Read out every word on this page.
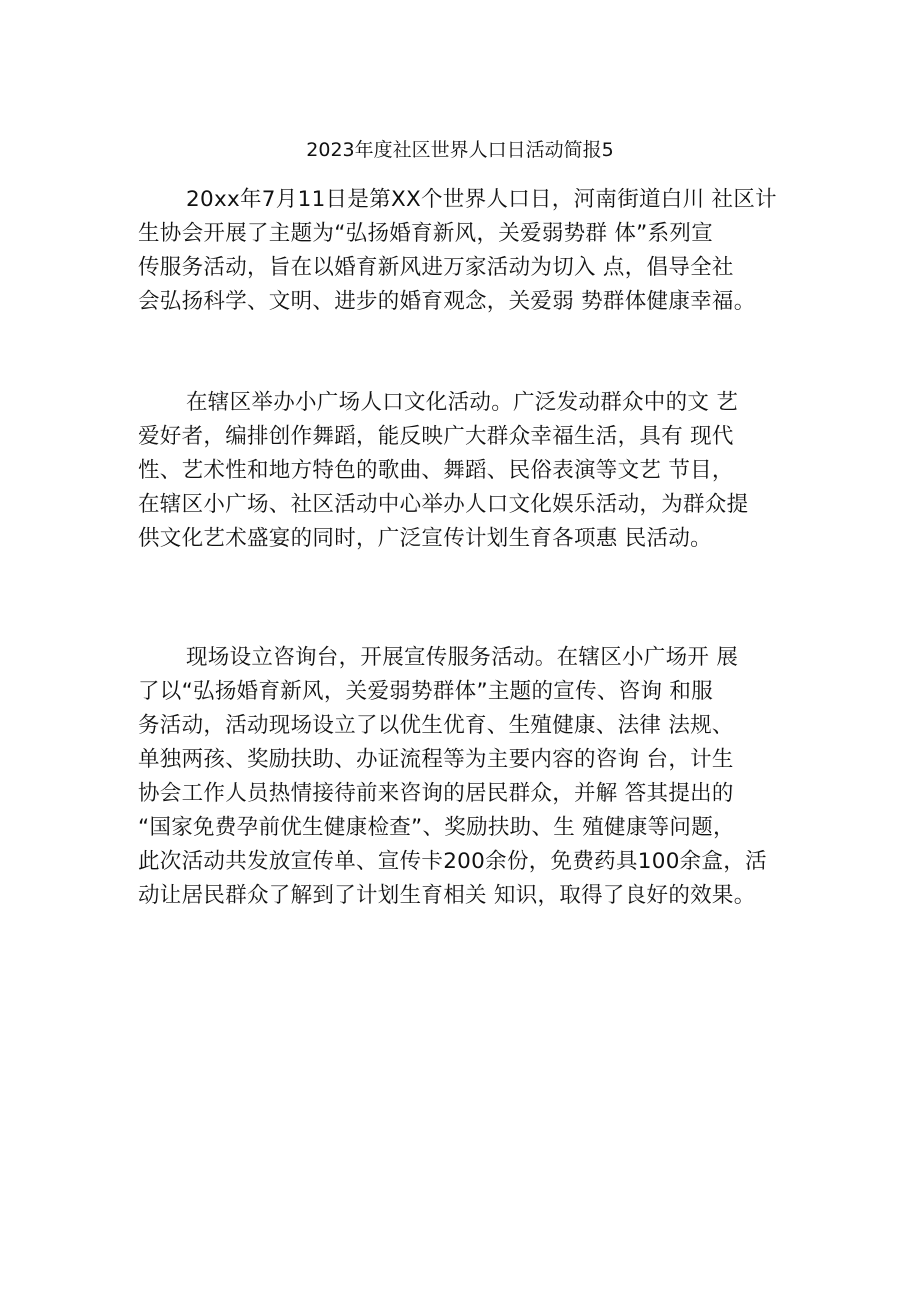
2023年度社区世界人口日活动简报5
20xx年7月11日是第XX个世界人口日，河南街道白川 社区计
生协会开展了主题为“弘扬婚育新风，关爱弱势群 体”系列宣
传服务活动，旨在以婚育新风进万家活动为切入 点，倡导全社
会弘扬科学、文明、进步的婚育观念，关爱弱 势群体健康幸福。
在辖区举办小广场人口文化活动。广泛发动群众中的文 艺
爱好者，编排创作舞蹈，能反映广大群众幸福生活，具有 现代
性、艺术性和地方特色的歌曲、舞蹈、民俗表演等文艺 节目，
在辖区小广场、社区活动中心举办人口文化娱乐活动，为群众提
供文化艺术盛宴的同时，广泛宣传计划生育各项惠 民活动。
现场设立咨询台，开展宣传服务活动。在辖区小广场开 展
了以“弘扬婚育新风，关爱弱势群体”主题的宣传、咨询 和服
务活动，活动现场设立了以优生优育、生殖健康、法律 法规、
单独两孩、奖励扶助、办证流程等为主要内容的咨询 台，计生
协会工作人员热情接待前来咨询的居民群众，并解 答其提出的
“国家免费孕前优生健康检查”、奖励扶助、生 殖健康等问题，
此次活动共发放宣传单、宣传卡200余份，免费药具100余盒，活
动让居民群众了解到了计划生育相关 知识，取得了良好的效果。
